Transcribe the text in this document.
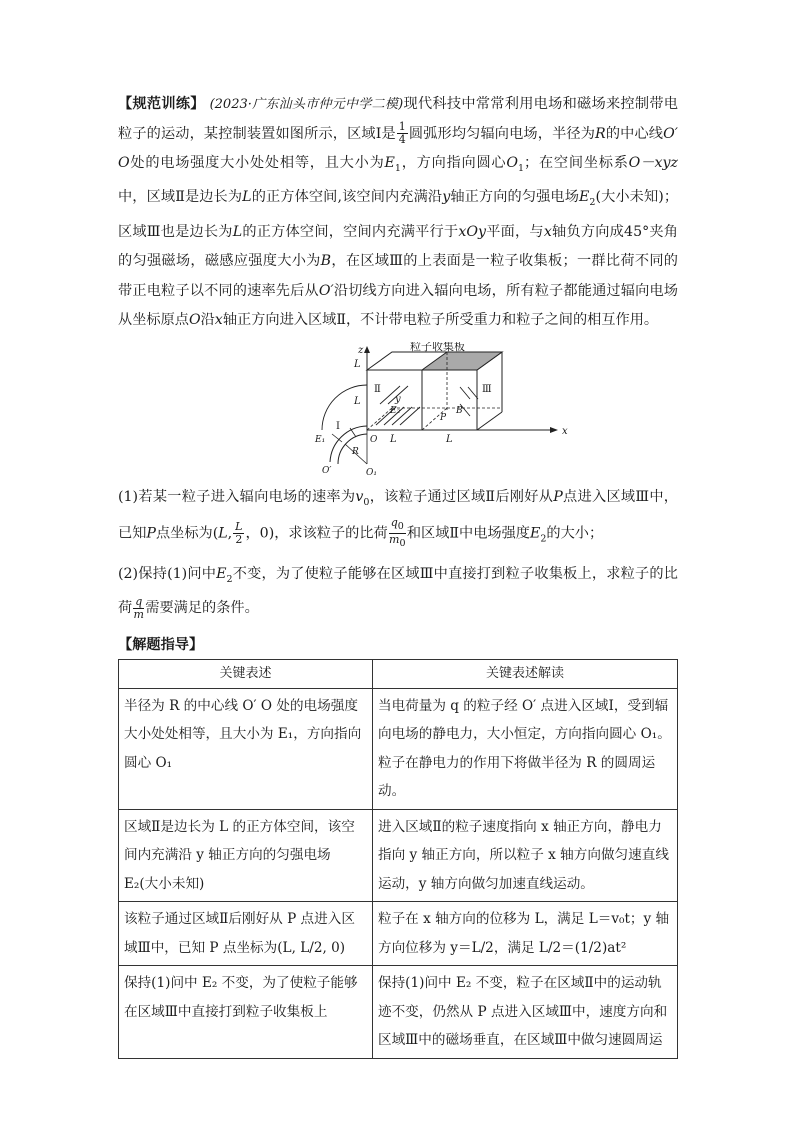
【规范训练】 (2023·广东汕头市仲元中学二模)现代科技中常常利用电场和磁场来控制带电粒子的运动，某控制装置如图所示，区域Ⅰ是 $\frac{1}{4}$ 圆弧形均匀辐向电场，半径为R的中心线O′ O处的电场强度大小处处相等，且大小为$E_1$，方向指向圆心$O_1$；在空间坐标系O－xyz中，区域Ⅱ是边长为L的正方体空间,该空间内充满沿y轴正方向的匀强电场$E_2$(大小未知)；区域Ⅲ也是边长为L的正方体空间，空间内充满平行于xOy平面，与x轴负方向成45°夹角的匀强磁场，磁感应强度大小为B，在区域Ⅲ的上表面是一粒子收集板；一群比荷不同的带正电粒子以不同的速率先后从O′沿切线方向进入辐向电场，所有粒子都能通过辐向电场从坐标原点O沿x轴正方向进入区域Ⅱ，不计带电粒子所受重力和粒子之间的相互作用。

粒子收集板
z
x
y
L
L
L	L
Ⅱ	Ⅲ
Ⅰ
E₂	B
P
O
O₁
O′
E₁
R

(1)若某一粒子进入辐向电场的速率为$v_0$，该粒子通过区域Ⅱ后刚好从P点进入区域Ⅲ中，已知P点坐标为(L, $\frac{L}{2}$ ，0)，求该粒子的比荷 $\frac{q_0}{m_0}$ 和区域Ⅱ中电场强度$E_2$的大小；

(2)保持(1)问中$E_2$不变，为了使粒子能够在区域Ⅲ中直接打到粒子收集板上，求粒子的比荷 $\frac{q}{m}$ 需要满足的条件。

【解题指导】
关键表述	关键表述解读
半径为 R 的中心线 O′ O 处的电场强度大小处处相等，且大小为 E₁，方向指向圆心 O₁	当电荷量为 q 的粒子经 O′ 点进入区域Ⅰ，受到辐向电场的静电力，大小恒定，方向指向圆心 O₁。粒子在静电力的作用下将做半径为 R 的圆周运动。
区域Ⅱ是边长为 L 的正方体空间，该空间内充满沿 y 轴正方向的匀强电场 E₂(大小未知)	进入区域Ⅱ的粒子速度指向 x 轴正方向，静电力指向 y 轴正方向，所以粒子 x 轴方向做匀速直线运动，y 轴方向做匀加速直线运动。
该粒子通过区域Ⅱ后刚好从 P 点进入区域Ⅲ中，已知 P 点坐标为(L, L/2, 0)	粒子在 x 轴方向的位移为 L，满足 L＝v₀t；y 轴方向位移为 y＝L/2，满足 L/2＝(1/2)at²
保持(1)问中 E₂ 不变，为了使粒子能够在区域Ⅲ中直接打到粒子收集板上	保持(1)问中 E₂ 不变，粒子在区域Ⅱ中的运动轨迹不变，仍然从 P 点进入区域Ⅲ中，速度方向和区域Ⅲ中的磁场垂直，在区域Ⅲ中做匀速圆周运
